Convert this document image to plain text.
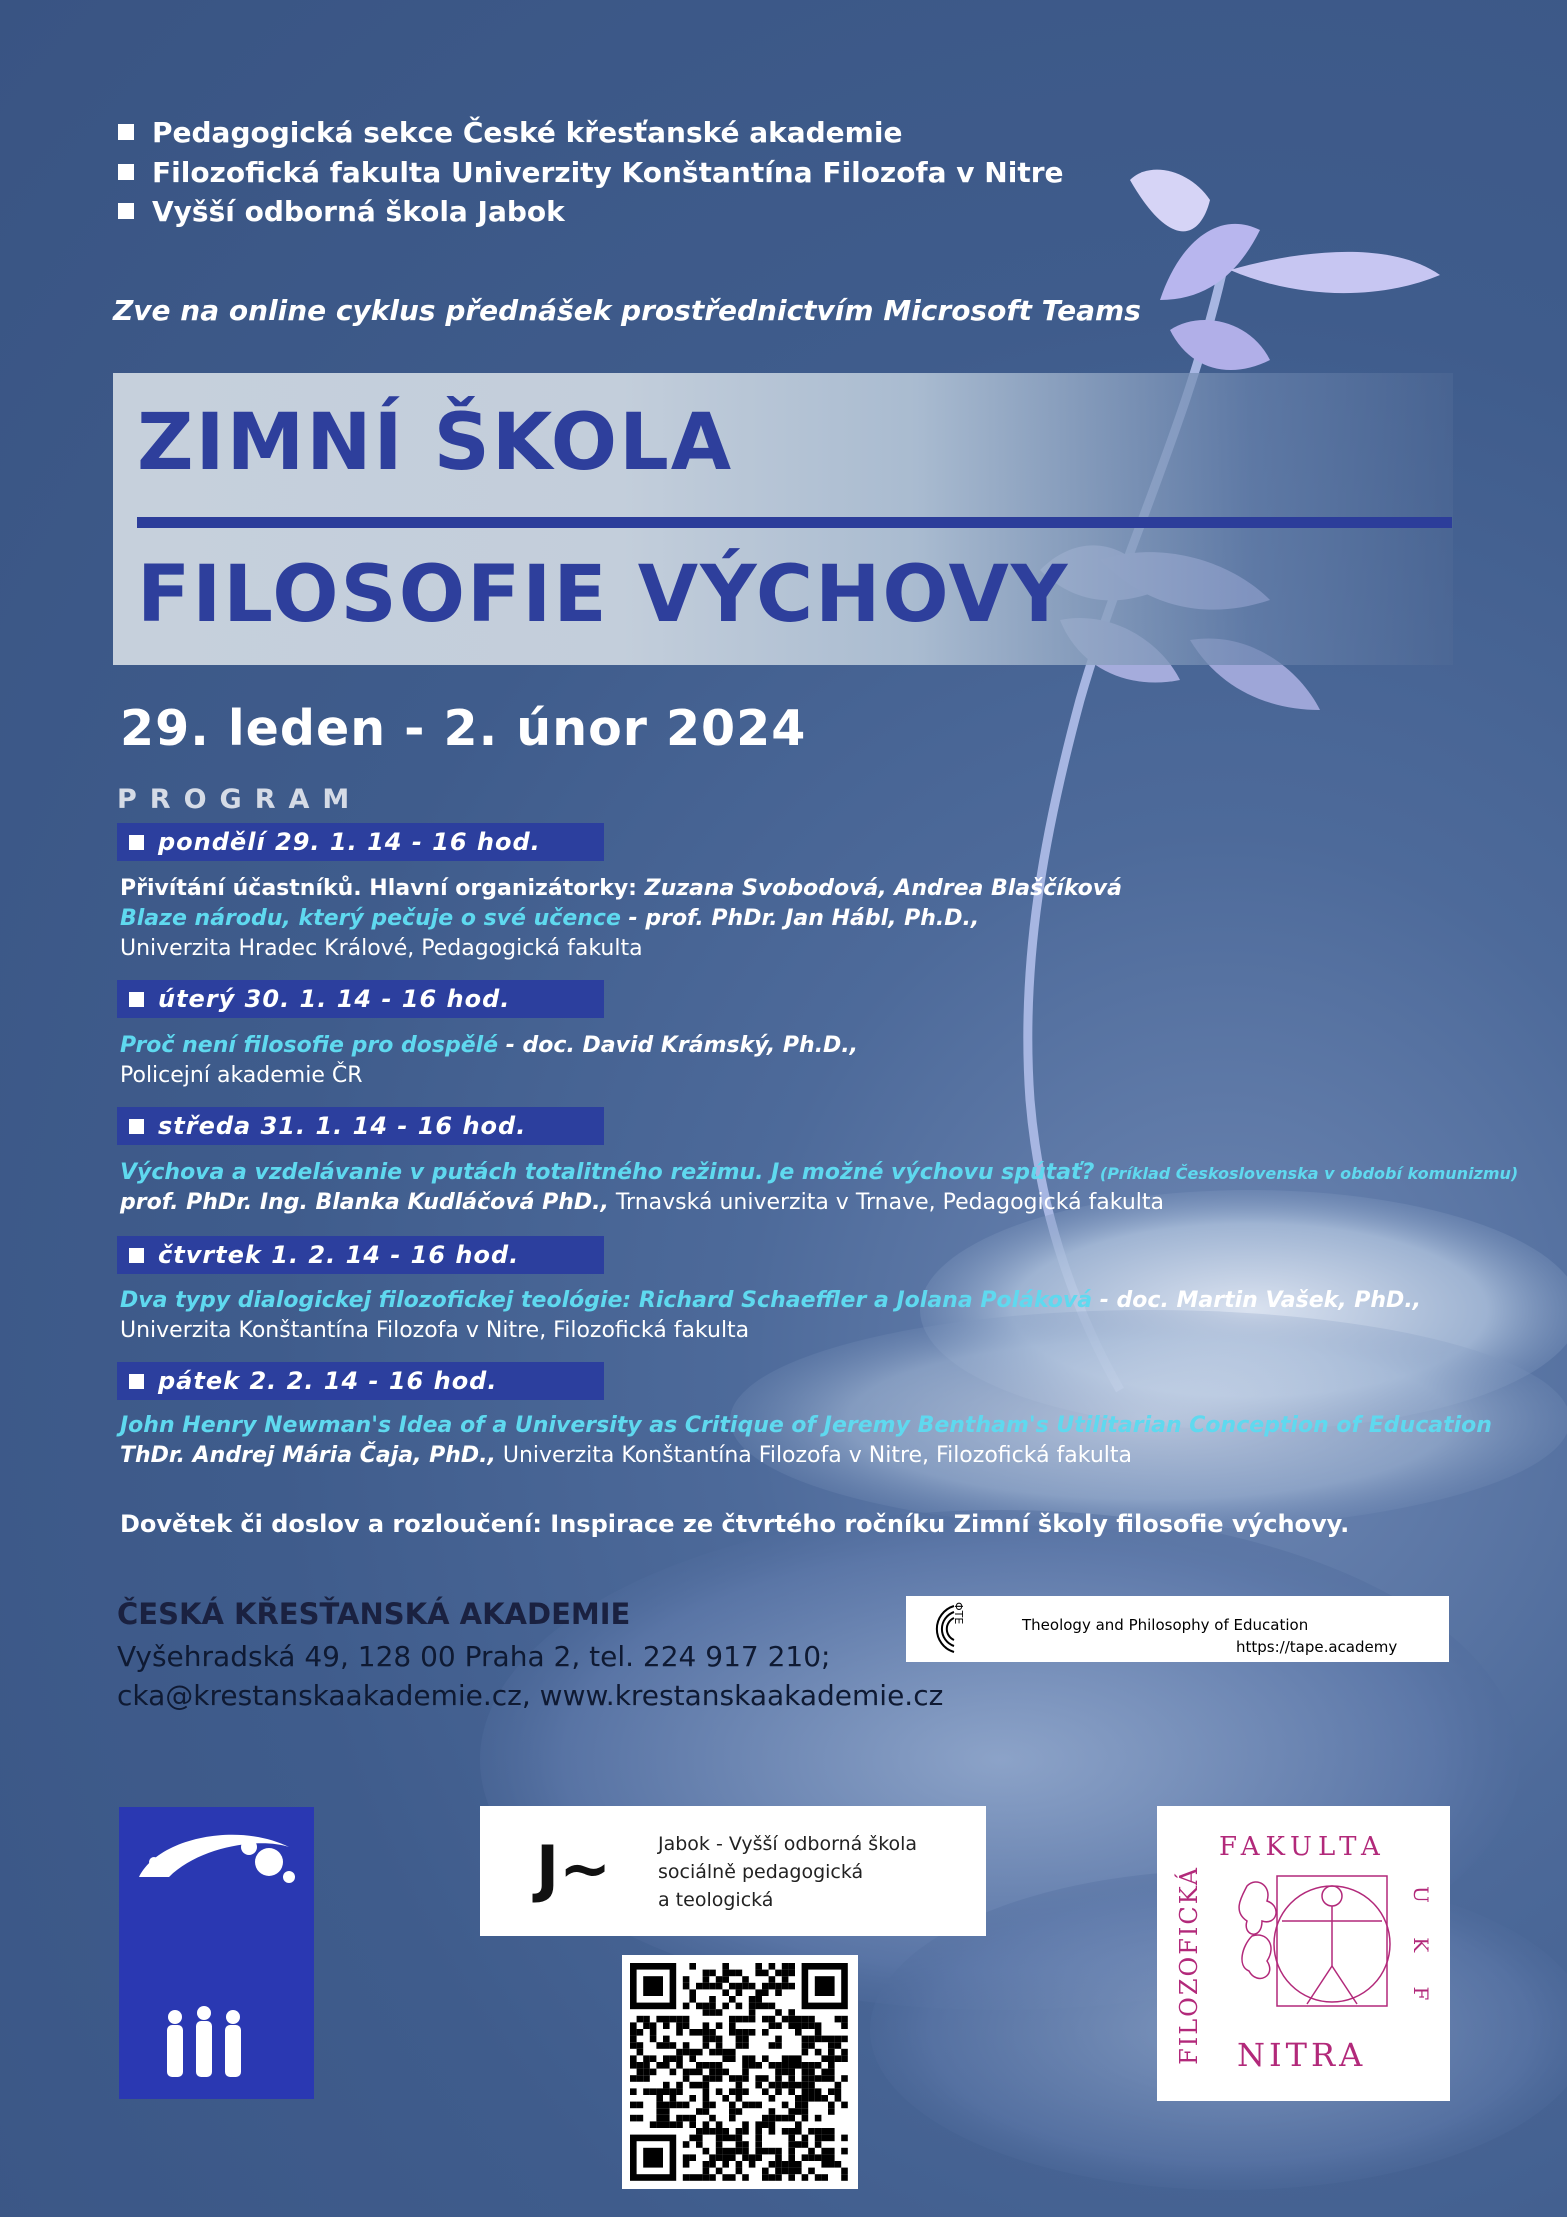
Pedagogická sekce České křesťanské akademie
Filozofická fakulta Univerzity Konštantína Filozofa v Nitre
Vyšší odborná škola Jabok
Zve na online cyklus přednášek prostřednictvím Microsoft Teams
ZIMNÍ ŠKOLA
FILOSOFIE VÝCHOVY
29. leden - 2. únor 2024
PROGRAM
pondělí 29. 1. 14 - 16 hod.
Přivítání účastníků. Hlavní organizátorky: Zuzana Svobodová, Andrea Blaščíková
Blaze národu, který pečuje o své učence - prof. PhDr. Jan Hábl, Ph.D.,
Univerzita Hradec Králové, Pedagogická fakulta
úterý 30. 1. 14 - 16 hod.
Proč není filosofie pro dospělé - doc. David Krámský, Ph.D.,
Policejní akademie ČR
středa 31. 1. 14 - 16 hod.
Výchova a vzdelávanie v putách totalitného režimu. Je možné výchovu spútať? (Príklad Československa v období komunizmu)
prof. PhDr. Ing. Blanka Kudláčová PhD., Trnavská univerzita v Trnave, Pedagogická fakulta
čtvrtek 1. 2. 14 - 16 hod.
Dva typy dialogickej filozofickej teológie: Richard Schaeffler a Jolana Poláková - doc. Martin Vašek, PhD.,
Univerzita Konštantína Filozofa v Nitre, Filozofická fakulta
pátek 2. 2. 14 - 16 hod.
John Henry Newman's Idea of a University as Critique of Jeremy Bentham's Utilitarian Conception of Education
ThDr. Andrej Mária Čaja, PhD., Univerzita Konštantína Filozofa v Nitre, Filozofická fakulta
Dovětek či doslov a rozloučení: Inspirace ze čtvrtého ročníku Zimní školy filosofie výchovy.
ČESKÁ KŘESŤANSKÁ AKADEMIE
Vyšehradská 49, 128 00 Praha 2, tel. 224 917 210;
cka@krestanskaakademie.cz, www.krestanskaakademie.cz
ΦΤΕ
Theology and Philosophy of Education
https://tape.academy
J~ Jabok - Vyšší odborná škola
sociálně pedagogická
a teologická
FAKULTA
FILOZOFICKÁ	U K F
NITRA
